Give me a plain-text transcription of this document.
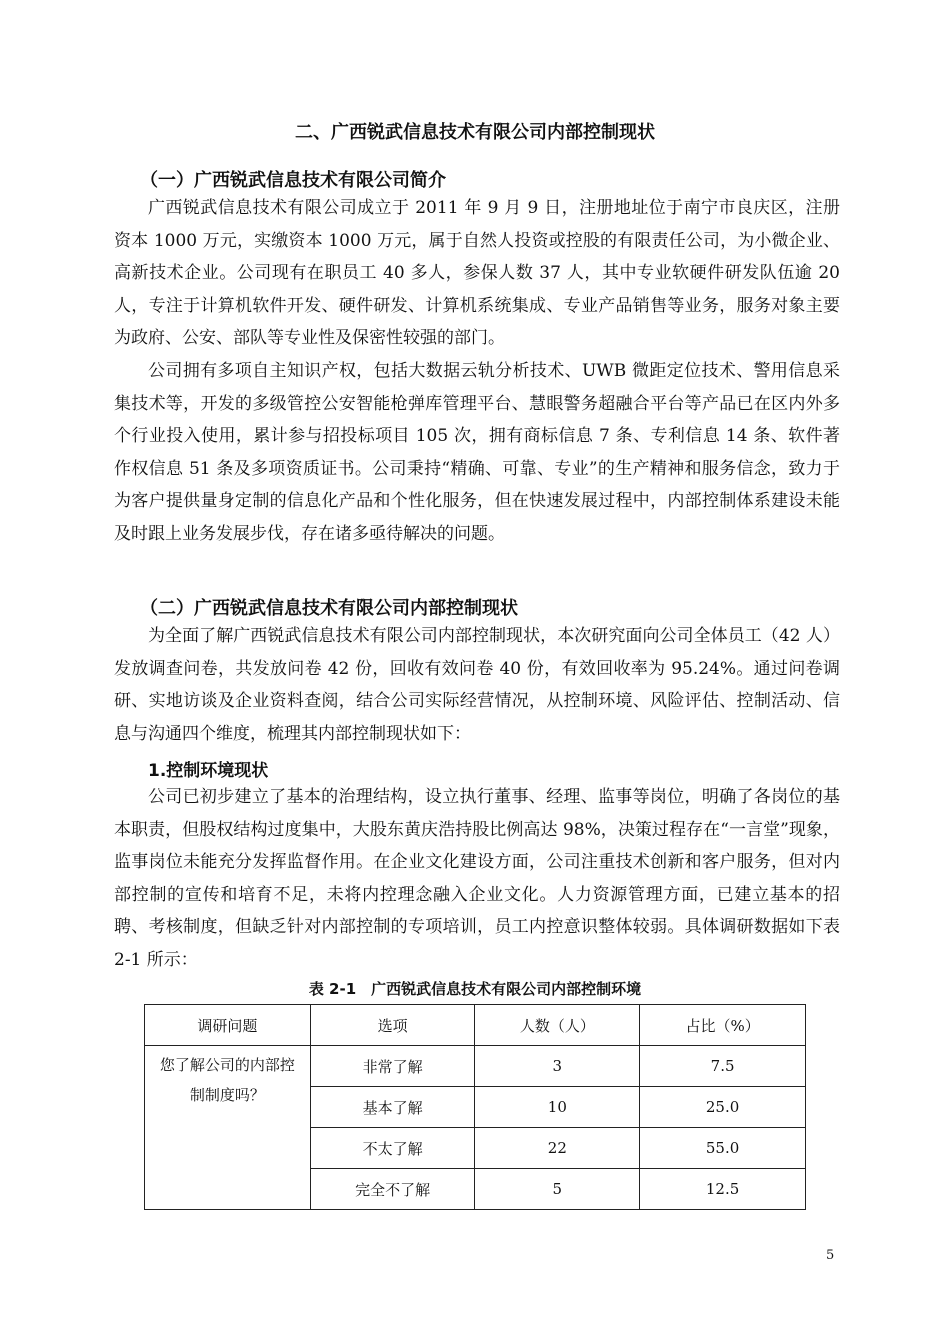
二、广西锐武信息技术有限公司内部控制现状
（一）广西锐武信息技术有限公司简介

广西锐武信息技术有限公司成立于 2011 年 9 月 9 日，注册地址位于南宁市良庆区，注册资本 1000 万元，实缴资本 1000 万元，属于自然人投资或控股的有限责任公司，为小微企业、高新技术企业。公司现有在职员工 40 多人，参保人数 37 人，其中专业软硬件研发队伍逾 20 人，专注于计算机软件开发、硬件研发、计算机系统集成、专业产品销售等业务，服务对象主要为政府、公安、部队等专业性及保密性较强的部门。

公司拥有多项自主知识产权，包括大数据云轨分析技术、UWB 微距定位技术、警用信息采集技术等，开发的多级管控公安智能枪弹库管理平台、慧眼警务超融合平台等产品已在区内外多个行业投入使用，累计参与招投标项目 105 次，拥有商标信息 7 条、专利信息 14 条、软件著作权信息 51 条及多项资质证书。公司秉持“精确、可靠、专业”的生产精神和服务信念，致力于为客户提供量身定制的信息化产品和个性化服务，但在快速发展过程中，内部控制体系建设未能及时跟上业务发展步伐，存在诸多亟待解决的问题。

（二）广西锐武信息技术有限公司内部控制现状

为全面了解广西锐武信息技术有限公司内部控制现状，本次研究面向公司全体员工（42 人）发放调查问卷，共发放问卷 42 份，回收有效问卷 40 份，有效回收率为 95.24%。通过问卷调研、实地访谈及企业资料查阅，结合公司实际经营情况，从控制环境、风险评估、控制活动、信息与沟通四个维度，梳理其内部控制现状如下：

1.控制环境现状

公司已初步建立了基本的治理结构，设立执行董事、经理、监事等岗位，明确了各岗位的基本职责，但股权结构过度集中，大股东黄庆浩持股比例高达 98%，决策过程存在“一言堂”现象，监事岗位未能充分发挥监督作用。在企业文化建设方面，公司注重技术创新和客户服务，但对内部控制的宣传和培育不足，未将内控理念融入企业文化。人力资源管理方面，已建立基本的招聘、考核制度，但缺乏针对内部控制的专项培训，员工内控意识整体较弱。具体调研数据如下表 2-1 所示：

表 2-1　广西锐武信息技术有限公司内部控制环境
调研问题	选项	人数（人）	占比（%）
您了解公司的内部控制制度吗？	非常了解	3	7.5
	基本了解	10	25.0
	不太了解	22	55.0
	完全不了解	5	12.5
5
